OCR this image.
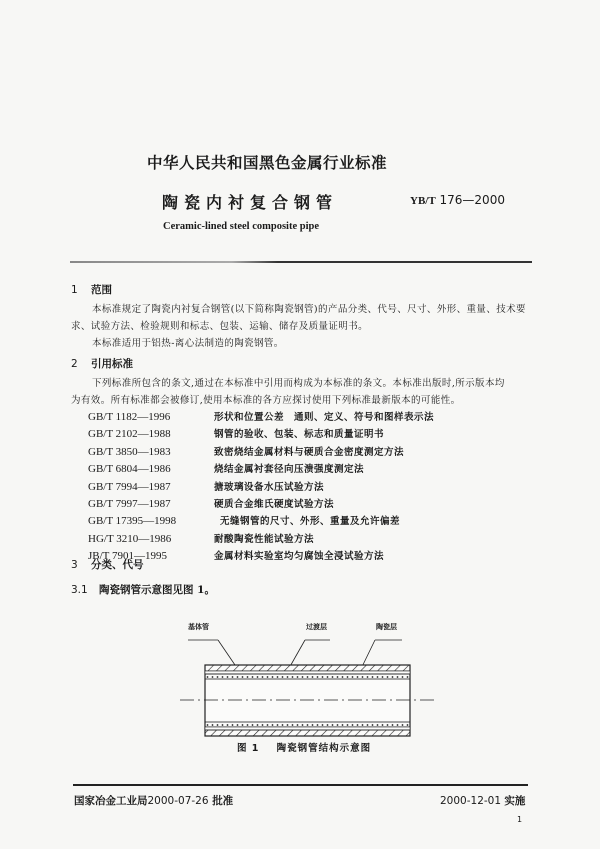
中华人民共和国黑色金属行业标准
陶瓷内衬复合钢管	YB/T 176—2000
Ceramic-lined steel composite pipe
1 范围
本标准规定了陶瓷内衬复合钢管(以下简称陶瓷钢管)的产品分类、代号、尺寸、外形、重量、技术要
求、试验方法、检验规则和标志、包装、运输、储存及质量证明书。
本标准适用于铝热-离心法制造的陶瓷钢管。
2 引用标准
下列标准所包含的条文,通过在本标准中引用而构成为本标准的条文。本标准出版时,所示版本均
为有效。所有标准都会被修订,使用本标准的各方应探讨使用下列标准最新版本的可能性。
GB/T 1182—1996	形状和位置公差　通则、定义、符号和图样表示法
GB/T 2102—1988	钢管的验收、包装、标志和质量证明书
GB/T 3850—1983	致密烧结金属材料与硬质合金密度测定方法
GB/T 6804—1986	烧结金属衬套径向压溃强度测定法
GB/T 7994—1987	搪玻璃设备水压试验方法
GB/T 7997—1987	硬质合金维氏硬度试验方法
GB/T 17395—1998	无缝钢管的尺寸、外形、重量及允许偏差
HG/T 3210—1986	耐酸陶瓷性能试验方法
JB/T 7901—1995	金属材料实验室均匀腐蚀全浸试验方法
3 分类、代号
3.1 陶瓷钢管示意图见图 1。
基体管	过渡层	陶瓷层
图 1 陶瓷钢管结构示意图
国家冶金工业局2000-07-26 批准	2000-12-01 实施
1
